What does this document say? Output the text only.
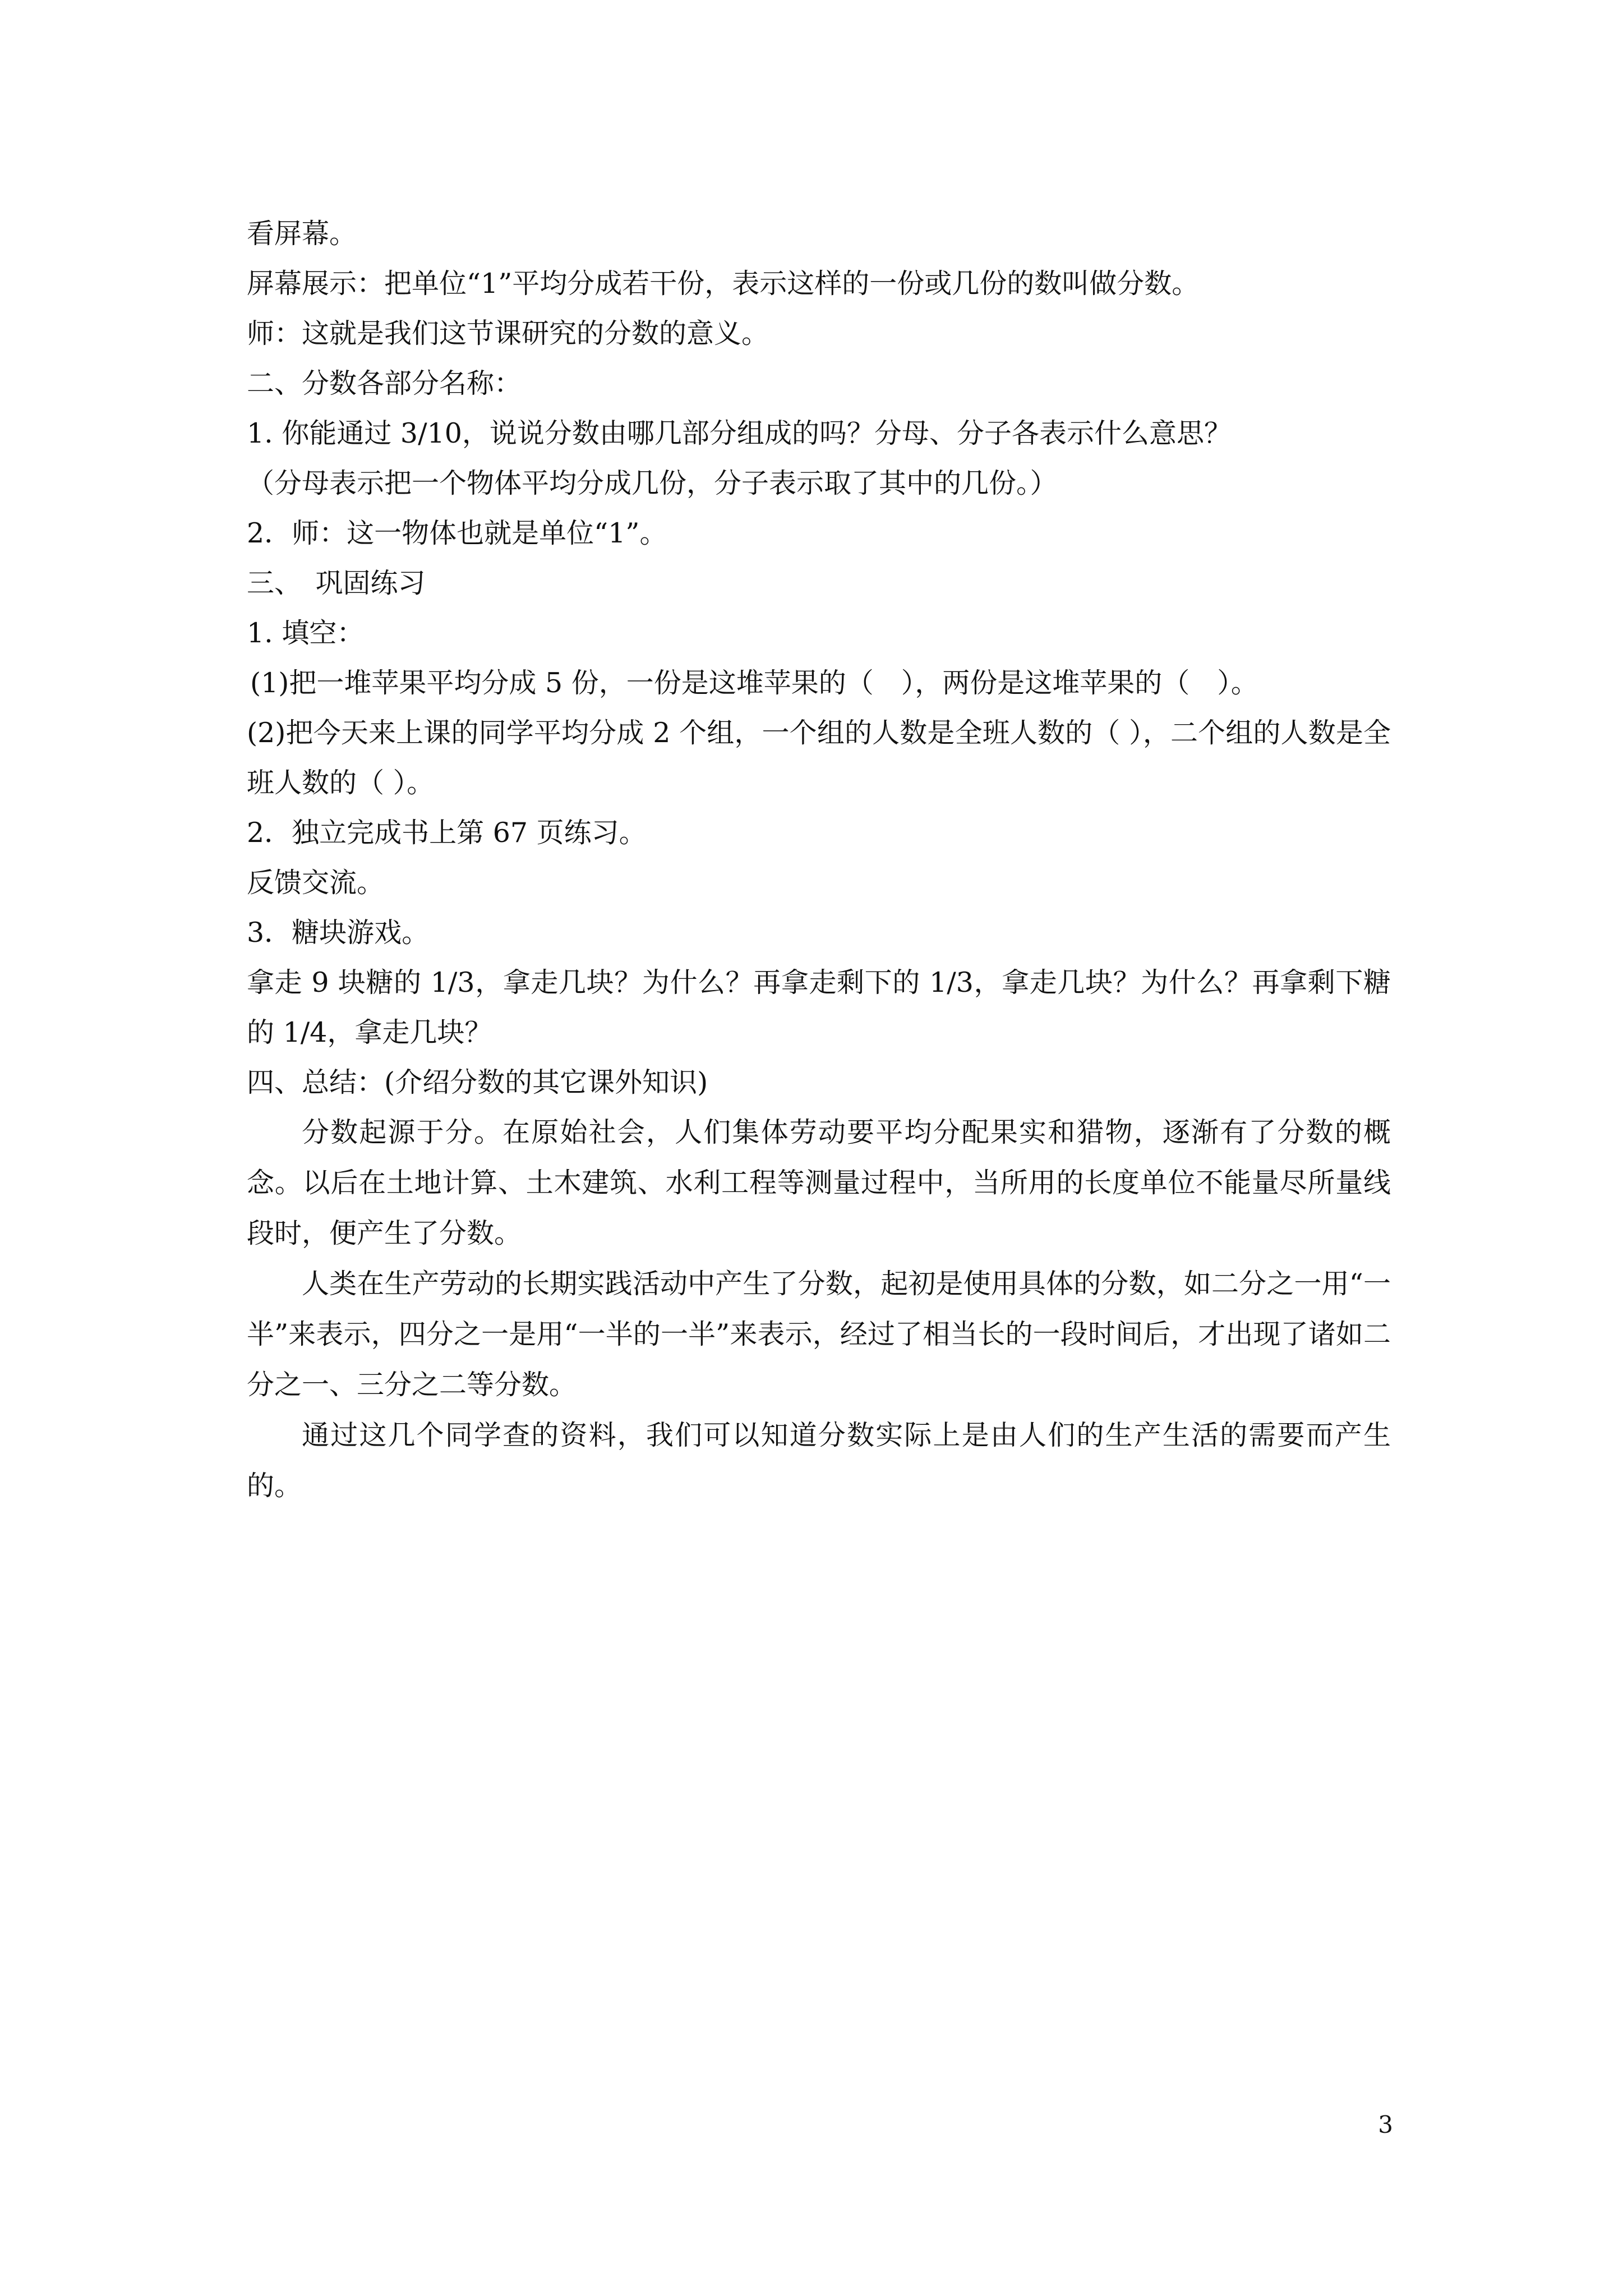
看屏幕。

屏幕展示：把单位“1”平均分成若干份，表示这样的一份或几份的数叫做分数。

师：这就是我们这节课研究的分数的意义。

二、分数各部分名称：

1. 你能通过 3/10，说说分数由哪几部分组成的吗？分母、分子各表示什么意思？

（分母表示把一个物体平均分成几份，分子表示取了其中的几份。）

2．师：这一物体也就是单位“1”。

三、　巩固练习

1. 填空：

(1)把一堆苹果平均分成 5 份，一份是这堆苹果的（　），两份是这堆苹果的（　）。

(2)把今天来上课的同学平均分成 2 个组，一个组的人数是全班人数的（ ），二个组的人数是全班人数的（ ）。

2．独立完成书上第 67 页练习。

反馈交流。

3．糖块游戏。

拿走 9 块糖的 1/3，拿走几块？为什么？再拿走剩下的 1/3，拿走几块？为什么？再拿剩下糖的 1/4，拿走几块？

四、总结：(介绍分数的其它课外知识)

分数起源于分。在原始社会，人们集体劳动要平均分配果实和猎物，逐渐有了分数的概念。以后在土地计算、土木建筑、水利工程等测量过程中，当所用的长度单位不能量尽所量线段时，便产生了分数。

人类在生产劳动的长期实践活动中产生了分数，起初是使用具体的分数，如二分之一用“一半”来表示，四分之一是用“一半的一半”来表示，经过了相当长的一段时间后，才出现了诸如二分之一、三分之二等分数。

通过这几个同学查的资料，我们可以知道分数实际上是由人们的生产生活的需要而产生的。

3
